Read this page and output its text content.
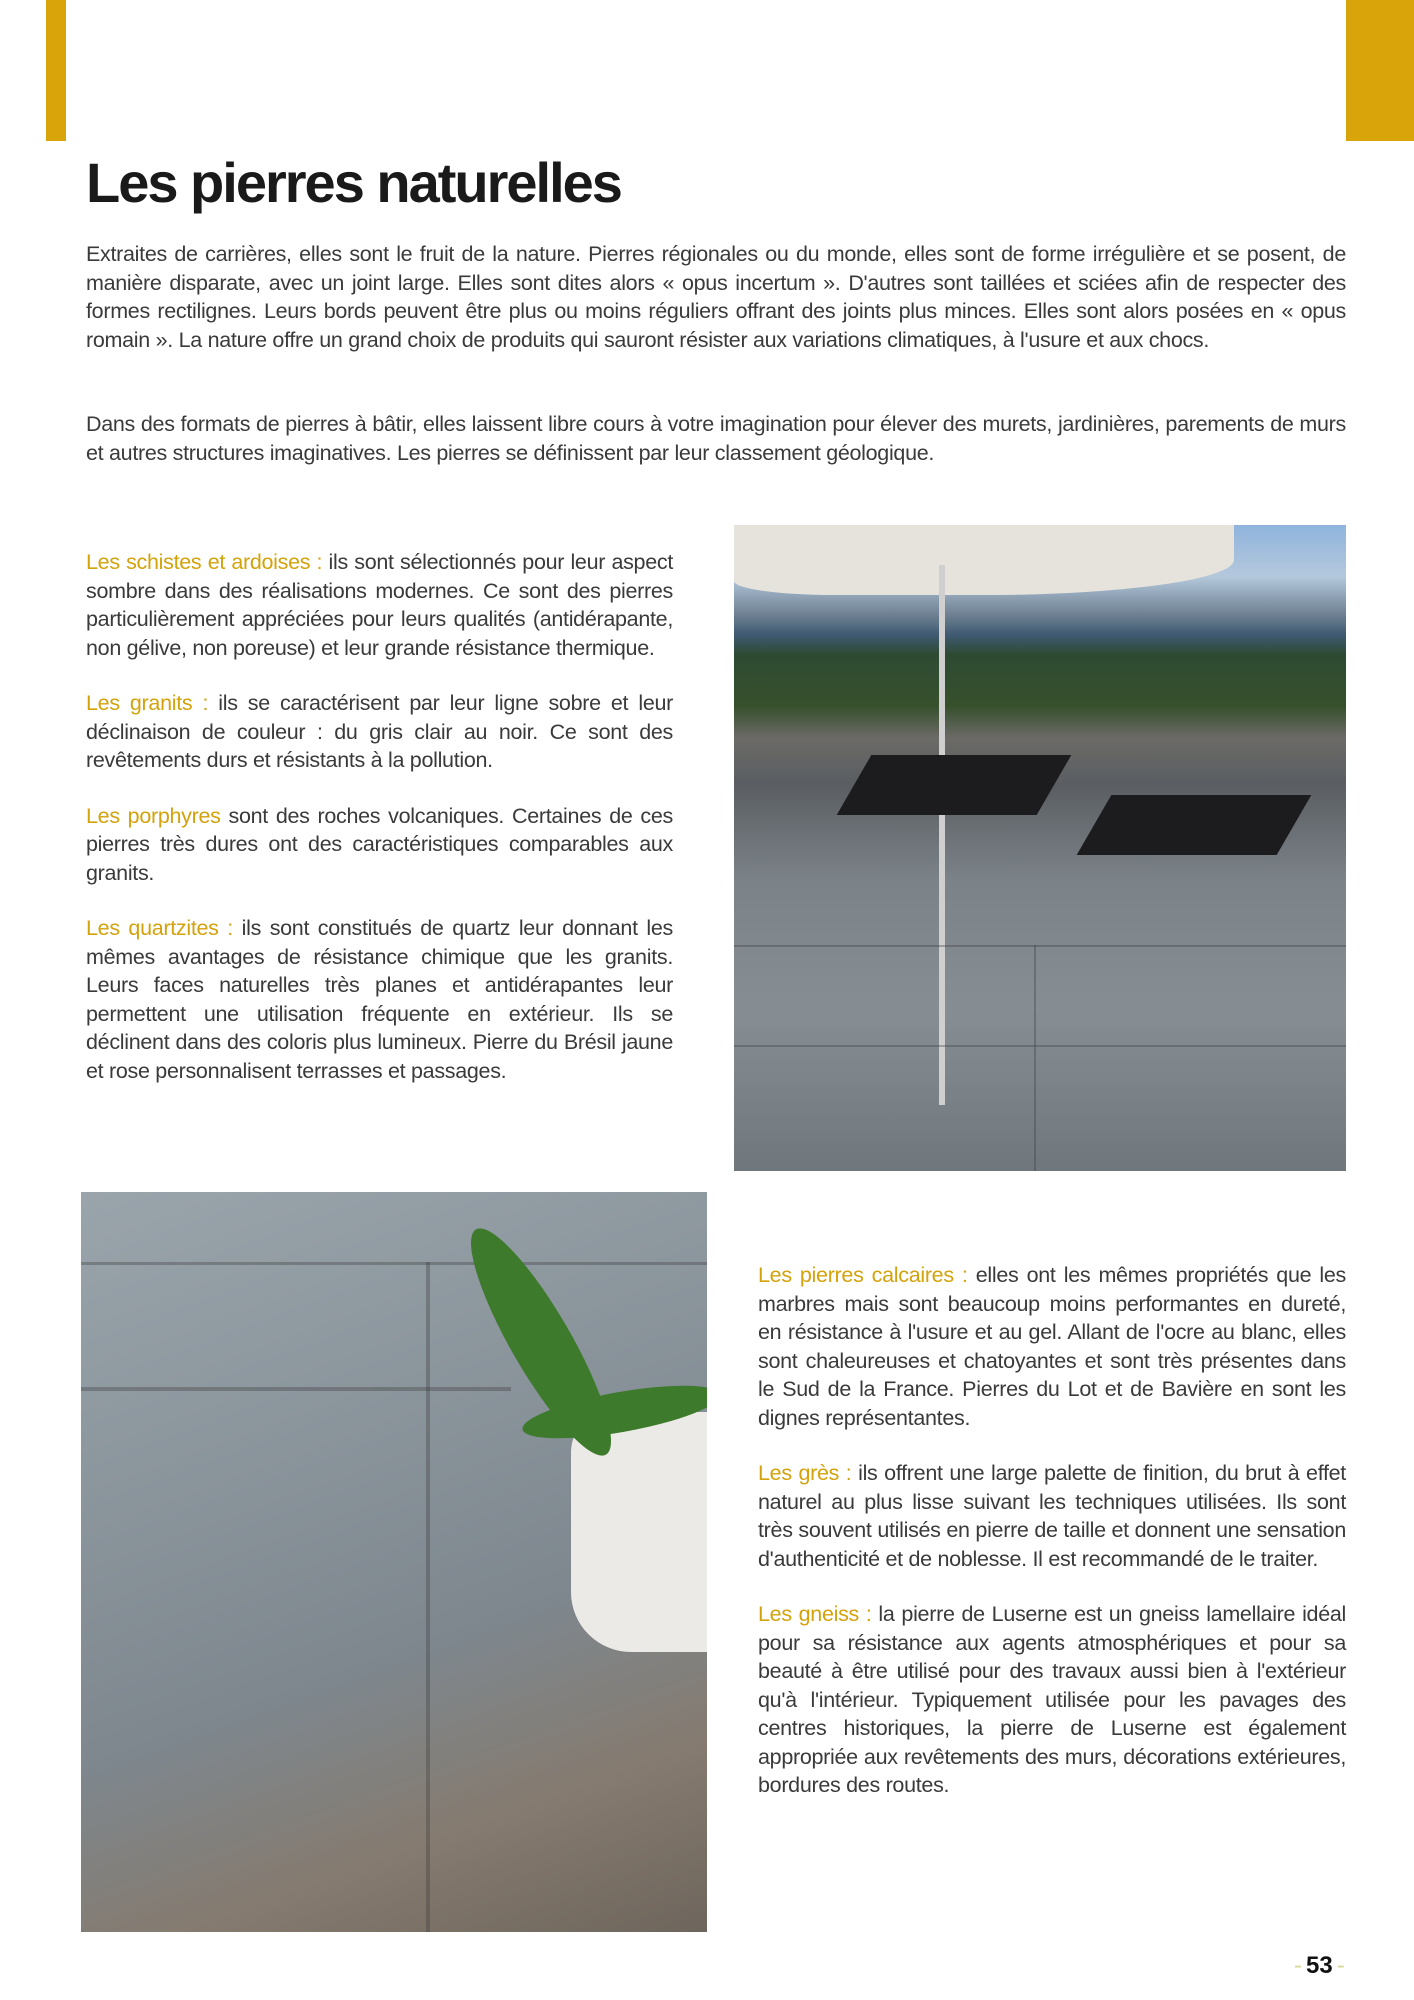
Les pierres naturelles

Extraites de carrières, elles sont le fruit de la nature. Pierres régionales ou du monde, elles sont de forme irrégulière et se posent, de manière disparate, avec un joint large. Elles sont dites alors « opus incertum ». D'autres sont taillées et sciées afin de respecter des formes rectilignes. Leurs bords peuvent être plus ou moins réguliers offrant des joints plus minces. Elles sont alors posées en « opus romain ». La nature offre un grand choix de produits qui sauront résister aux variations climatiques, à l'usure et aux chocs.

Dans des formats de pierres à bâtir, elles laissent libre cours à votre imagination pour élever des murets, jardinières, parements de murs et autres structures imaginatives. Les pierres se définissent par leur classement géologique.

Les schistes et ardoises : ils sont sélectionnés pour leur aspect sombre dans des réalisations modernes. Ce sont des pierres particulièrement appréciées pour leurs qualités (antidérapante, non gélive, non poreuse) et leur grande résistance thermique.

Les granits : ils se caractérisent par leur ligne sobre et leur déclinaison de couleur : du gris clair au noir. Ce sont des revêtements durs et résistants à la pollution.

Les porphyres sont des roches volcaniques. Certaines de ces pierres très dures ont des caractéristiques comparables aux granits.

Les quartzites : ils sont constitués de quartz leur donnant les mêmes avantages de résistance chimique que les granits. Leurs faces naturelles très planes et antidérapantes leur permettent une utilisation fréquente en extérieur. Ils se déclinent dans des coloris plus lumineux. Pierre du Brésil jaune et rose personnalisent terrasses et passages.

Les pierres calcaires : elles ont les mêmes propriétés que les marbres mais sont beaucoup moins performantes en dureté, en résistance à l'usure et au gel. Allant de l'ocre au blanc, elles sont chaleureuses et chatoyantes et sont très présentes dans le Sud de la France. Pierres du Lot et de Bavière en sont les dignes représentantes.

Les grès : ils offrent une large palette de finition, du brut à effet naturel au plus lisse suivant les techniques utilisées. Ils sont très souvent utilisés en pierre de taille et donnent une sensation d'authenticité et de noblesse. Il est recommandé de le traiter.

Les gneiss : la pierre de Luserne est un gneiss lamellaire idéal pour sa résistance aux agents atmosphériques et pour sa beauté à être utilisé pour des travaux aussi bien à l'extérieur qu'à l'intérieur. Typiquement utilisée pour les pavages des centres historiques, la pierre de Luserne est également appropriée aux revêtements des murs, décorations extérieures, bordures des routes.

- 53 -
